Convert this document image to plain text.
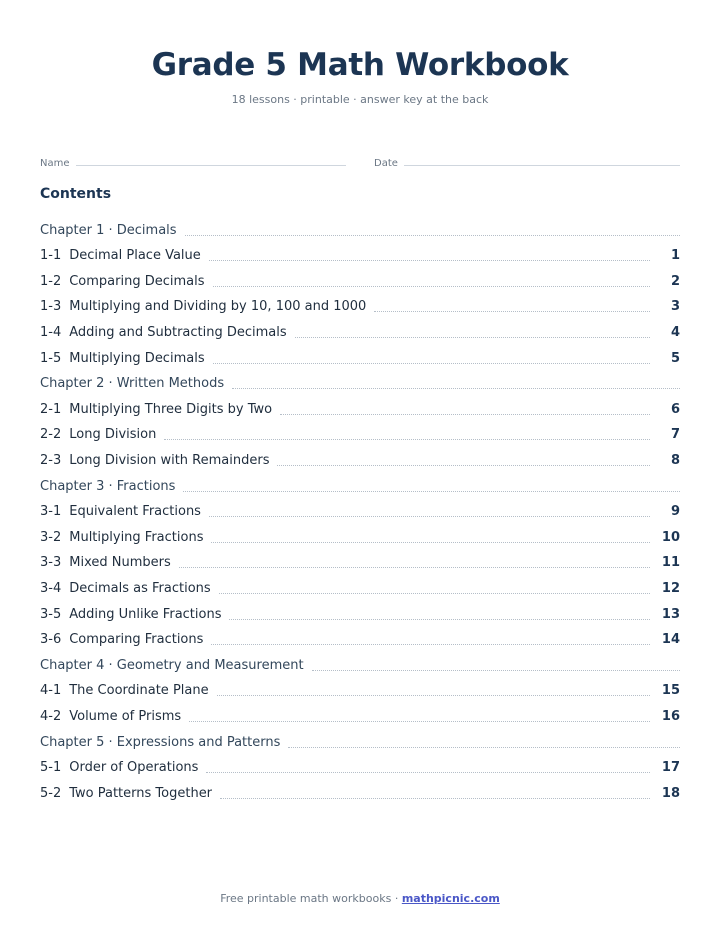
Grade 5 Math Workbook
18 lessons · printable · answer key at the back
Name	Date
Contents
Chapter 1 · Decimals
1-1 Decimal Place Value	1
1-2 Comparing Decimals	2
1-3 Multiplying and Dividing by 10, 100 and 1000	3
1-4 Adding and Subtracting Decimals	4
1-5 Multiplying Decimals	5
Chapter 2 · Written Methods
2-1 Multiplying Three Digits by Two	6
2-2 Long Division	7
2-3 Long Division with Remainders	8
Chapter 3 · Fractions
3-1 Equivalent Fractions	9
3-2 Multiplying Fractions	10
3-3 Mixed Numbers	11
3-4 Decimals as Fractions	12
3-5 Adding Unlike Fractions	13
3-6 Comparing Fractions	14
Chapter 4 · Geometry and Measurement
4-1 The Coordinate Plane	15
4-2 Volume of Prisms	16
Chapter 5 · Expressions and Patterns
5-1 Order of Operations	17
5-2 Two Patterns Together	18
Free printable math workbooks · mathpicnic.com
